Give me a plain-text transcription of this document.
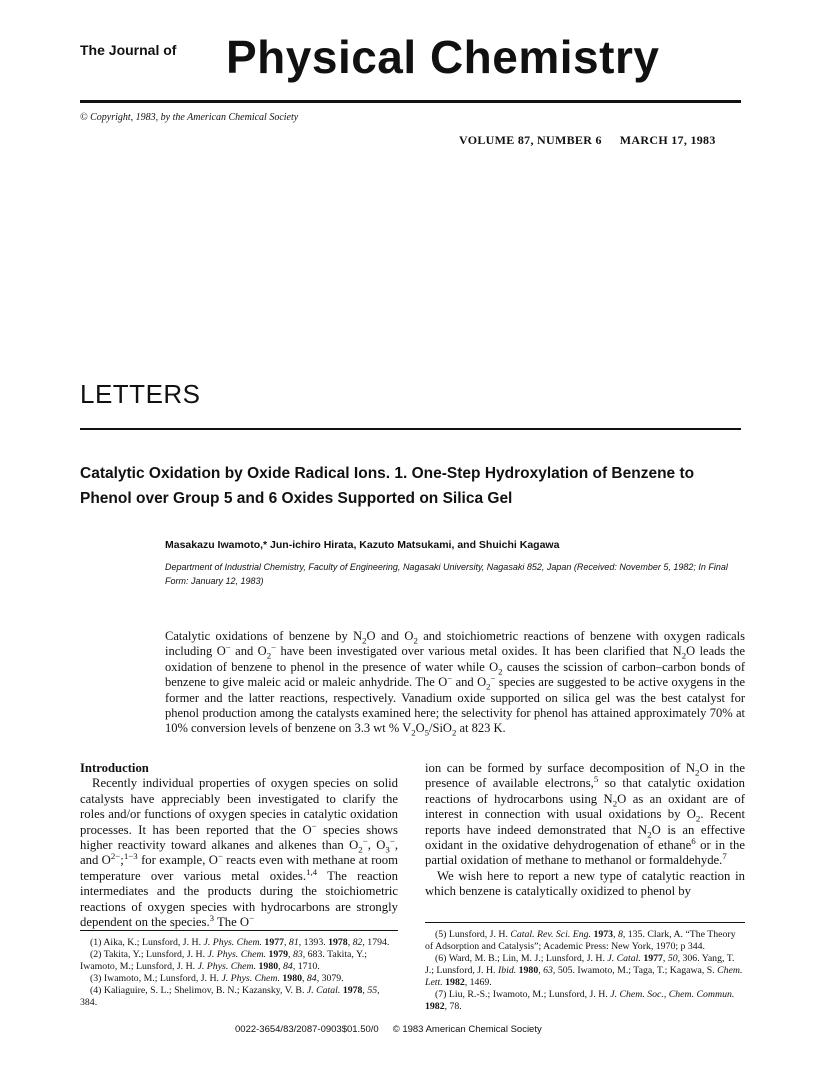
The Journal of Physical Chemistry
© Copyright, 1983, by the American Chemical Society
VOLUME 87, NUMBER 6 MARCH 17, 1983
LETTERS
Catalytic Oxidation by Oxide Radical Ions. 1. One-Step Hydroxylation of Benzene to Phenol over Group 5 and 6 Oxides Supported on Silica Gel
Masakazu Iwamoto,* Jun-ichiro Hirata, Kazuto Matsukami, and Shuichi Kagawa
Department of Industrial Chemistry, Faculty of Engineering, Nagasaki University, Nagasaki 852, Japan (Received: November 5, 1982; In Final Form: January 12, 1983)
Catalytic oxidations of benzene by $N_2O$ and $O_2$ and stoichiometric reactions of benzene with oxygen radicals including O− and $O_2^-$ have been investigated over various metal oxides. It has been clarified that $N_2O$ leads the oxidation of benzene to phenol in the presence of water while $O_2$ causes the scission of carbon–carbon bonds of benzene to give maleic acid or maleic anhydride. The O− and $O_2^-$ species are suggested to be active oxygens in the former and the latter reactions, respectively. Vanadium oxide supported on silica gel was the best catalyst for phenol production among the catalysts examined here; the selectivity for phenol has attained approximately 70% at 10% conversion levels of benzene on 3.3 wt % $V_2O_5/SiO_2$ at 823 K.
Introduction

Recently individual properties of oxygen species on solid catalysts have appreciably been investigated to clarify the roles and/or functions of oxygen species in catalytic oxidation processes. It has been reported that the O− species shows higher reactivity toward alkanes and alkenes than $O_2^-$, $O_3^-$, and $O^{2-};^{1-3}$ for example, O− reacts even with methane at room temperature over various metal oxides.$^{1,4}$ The reaction intermediates and the products during the stoichiometric reactions of oxygen species with hydrocarbons are strongly dependent on the species.$^3$ The O−

ion can be formed by surface decomposition of $N_2O$ in the presence of available electrons,$^5$ so that catalytic oxidation reactions of hydrocarbons using $N_2O$ as an oxidant are of interest in connection with usual oxidations by $O_2$. Recent reports have indeed demonstrated that $N_2O$ is an effective oxidant in the oxidative dehydrogenation of ethane$^6$ or in the partial oxidation of methane to methanol or formaldehyde.$^7$

We wish here to report a new type of catalytic reaction in which benzene is catalytically oxidized to phenol by

(1) Aika, K.; Lunsford, J. H. J. Phys. Chem. 1977, 81, 1393. 1978, 82, 1794.

(2) Takita, Y.; Lunsford, J. H. J. Phys. Chem. 1979, 83, 683. Takita, Y.; Iwamoto, M.; Lunsford, J. H. J. Phys. Chem. 1980, 84, 1710.

(3) Iwamoto, M.; Lunsford, J. H. J. Phys. Chem. 1980, 84, 3079.

(4) Kaliaguire, S. L.; Shelimov, B. N.; Kazansky, V. B. J. Catal. 1978, 55, 384.

(5) Lunsford, J. H. Catal. Rev. Sci. Eng. 1973, 8, 135. Clark, A. “The Theory of Adsorption and Catalysis”; Academic Press: New York, 1970; p 344.

(6) Ward, M. B.; Lin, M. J.; Lunsford, J. H. J. Catal. 1977, 50, 306. Yang, T. J.; Lunsford, J. H. Ibid. 1980, 63, 505. Iwamoto, M.; Taga, T.; Kagawa, S. Chem. Lett. 1982, 1469.

(7) Liu, R.-S.; Iwamoto, M.; Lunsford, J. H. J. Chem. Soc., Chem. Commun. 1982, 78.

0022-3654/83/2087-0903$01.50/0 © 1983 American Chemical Society
